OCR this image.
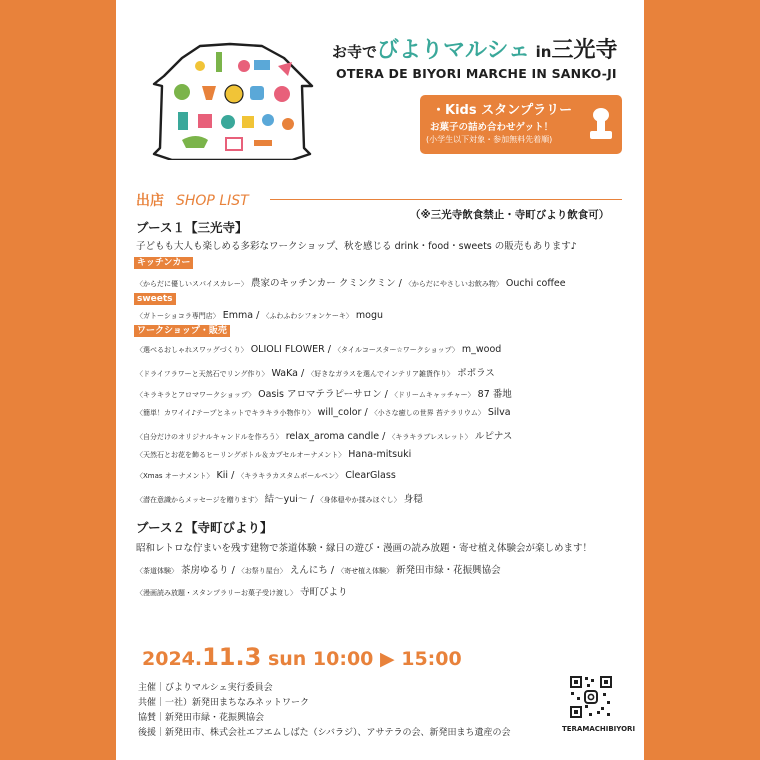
お寺でびよりマルシェ in三光寺
OTERA DE BIYORI MARCHE IN SANKO-JI
・Kids スタンプラリー
お菓子の詰め合わせゲット！
(小学生以下対象・参加無料先着順)
出店 SHOP LIST
（※三光寺飲食禁止・寺町びより飲食可）
ブース１【三光寺】
子どもも大人も楽しめる多彩なワークショップ、秋を感じる drink・food・sweets の販売もあります♪
キッチンカー
〈からだに優しいスパイスカレー〉 農家のキッチンカー クミンクミン / 〈からだにやさしいお飲み物〉 Ouchi coffee
sweets
〈ガトーショコラ専門店〉 Emma / 〈ふわふわシフォンケーキ〉 mogu
ワークショップ・販売
〈選べるおしゃれスワッグづくり〉 OLIOLI FLOWER / 〈タイルコースター☆ワークショップ〉 m_wood
〈ドライフラワーと天然石でリング作り〉 WaKa / 〈好きなガラスを選んでインテリア雑貨作り〉 ポポラス
〈キラキラとアロマワークショップ〉 Oasis アロマテラピーサロン / 〈ドリームキャッチャー〉 87 番地
〈簡単！カワイイ♪テープとネットでキラキラ小物作り〉 will_color / 〈小さな癒しの世界 苔テラリウム〉 Silva
〈自分だけのオリジナルキャンドルを作ろう〉 relax_aroma candle / 〈キラキラブレスレット〉 ルピナス
〈天然石とお花を飾るヒーリングボトル＆カプセルオーナメント〉 Hana-mitsuki
〈Xmas オーナメント〉 Kii / 〈キラキラカスタムボールペン〉 ClearGlass
〈潜在意識からメッセージを贈ります〉 結〜yui〜 / 〈身体穏やか揉みほぐし〉 身穏
ブース２【寺町びより】
昭和レトロな佇まいを残す建物で茶道体験・縁日の遊び・漫画の読み放題・寄せ植え体験会が楽しめます！
〈茶道体験〉 茶房ゆるり / 〈お祭り屋台〉 えんにち / 〈寄せ植え体験〉 新発田市緑・花振興協会
〈漫画読み放題・スタンプラリーお菓子受け渡し〉 寺町びより
2024.11.3 sun 10:00 ▶ 15:00
主催｜びよりマルシェ実行委員会
共催｜一社）新発田まちなみネットワーク
協賛｜新発田市緑・花振興協会
後援｜新発田市、株式会社エフエムしばた（シバラジ）、アサテラの会、新発田まち遺産の会	TERAMACHIBIYORI
